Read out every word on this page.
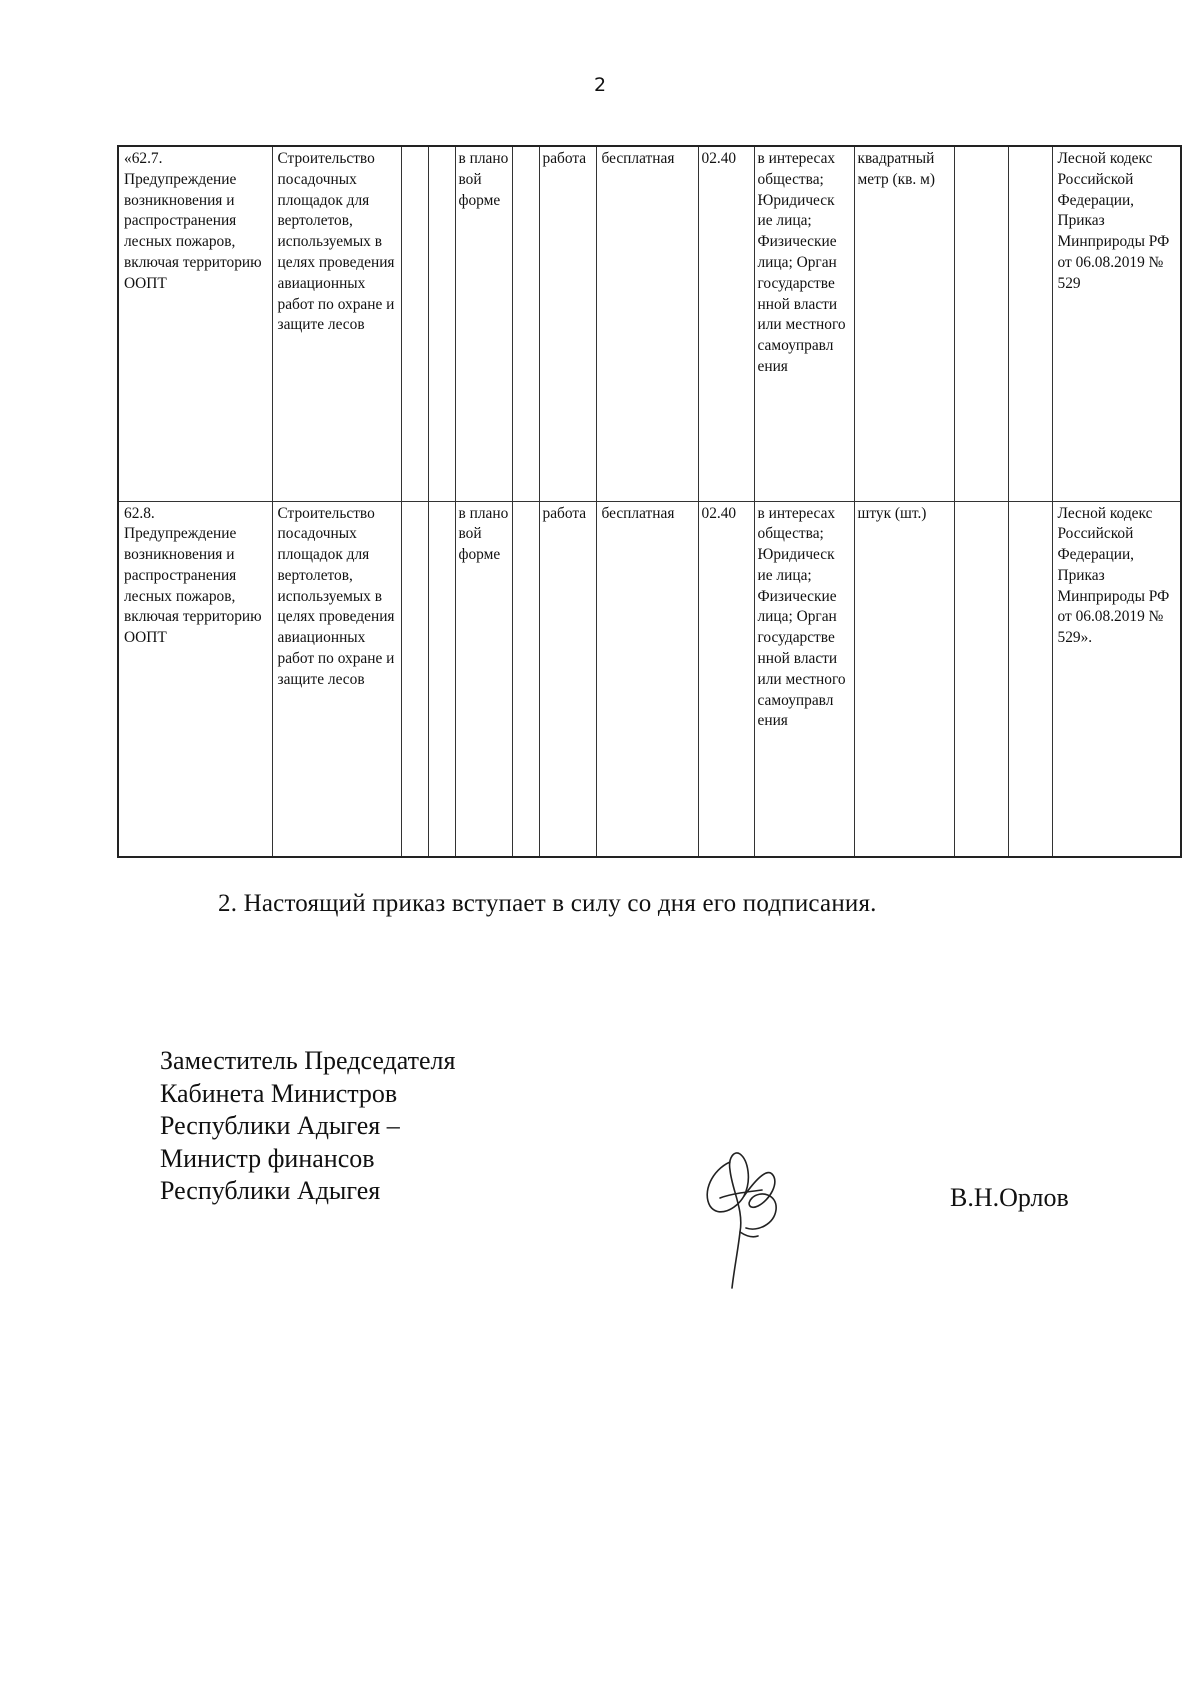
2
«62.7. Предупреждение возникновения и распространения лесных пожаров, включая территорию ООПТ	Строительство посадочных площадок для вертолетов, используемых в целях проведения авиационных работ по охране и защите лесов			в плано вой форме		работа	бесплатная	02.40	в интересах общества; Юридическ ие лица; Физические лица; Орган государстве нной власти или местного самоуправл ения	квадратный метр (кв. м)			Лесной кодекс Российской Федерации, Приказ Минприроды РФ от 06.08.2019 № 529
62.8. Предупреждение возникновения и распространения лесных пожаров, включая территорию ООПТ	Строительство посадочных площадок для вертолетов, используемых в целях проведения авиационных работ по охране и защите лесов			в плано вой форме		работа	бесплатная	02.40	в интересах общества; Юридическ ие лица; Физические лица; Орган государстве нной власти или местного самоуправл ения	штук (шт.)			Лесной кодекс Российской Федерации, Приказ Минприроды РФ от 06.08.2019 № 529».
2. Настоящий приказ вступает в силу со дня его подписания.
Заместитель Председателя
Кабинета Министров
Республики Адыгея –
Министр финансов
Республики Адыгея	В.Н.Орлов
